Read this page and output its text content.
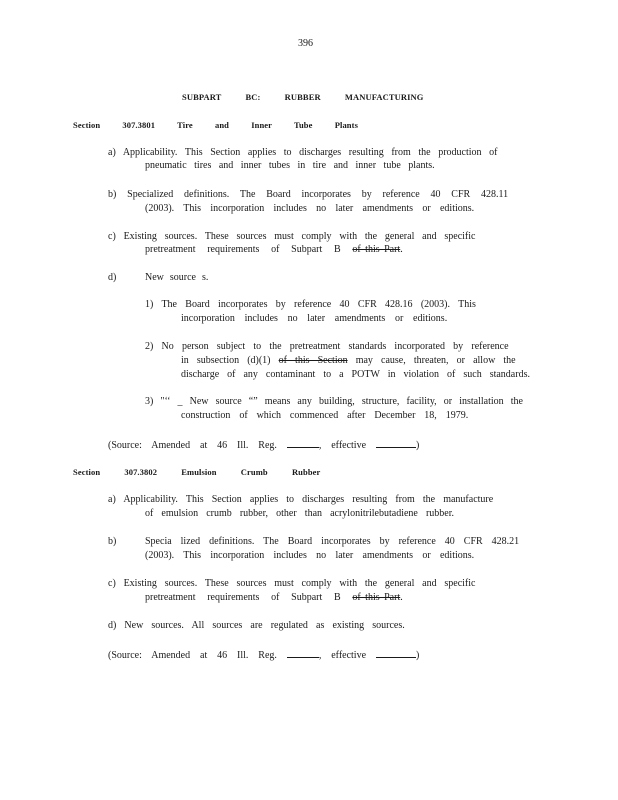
396
SUBPART BC: RUBBER MANUFACTURING
Section 307.3801 Tire and Inner Tube Plants
a) Applicability. This Section applies to discharges resulting from the production of
pneumatic tires and inner tubes in tire and inner tube plants.
b) Specialized definitions. The Board incorporates by reference 40 CFR 428.11
(2003). This incorporation includes no later amendments or editions.
c) Existing sources. These sources must comply with the general and specific
pretreatment requirements of Subpart B of this Part.
d)	New source s.
1) The Board incorporates by reference 40 CFR 428.16 (2003). This
incorporation includes no later amendments or editions.
2) No person subject to the pretreatment standards incorporated by reference
in subsection (d)(1) of this Section may cause, threaten, or allow the
discharge of any contaminant to a POTW in violation of such standards.
3) "‘‘ _ New source “” means any building, structure, facility, or installation the
construction of which commenced after December 18, 1979.
(Source: Amended at 46 Ill. Reg.	, effective	)
Section 307.3802 Emulsion Crumb Rubber
a) Applicability. This Section applies to discharges resulting from the manufacture
of emulsion crumb rubber, other than acrylonitrilebutadiene rubber.
b)	Specia lized definitions. The Board incorporates by reference 40 CFR 428.21
(2003). This incorporation includes no later amendments or editions.
c) Existing sources. These sources must comply with the general and specific
pretreatment requirements of Subpart B of this Part.
d) New sources. All sources are regulated as existing sources.
(Source: Amended at 46 Ill. Reg.	, effective	)
